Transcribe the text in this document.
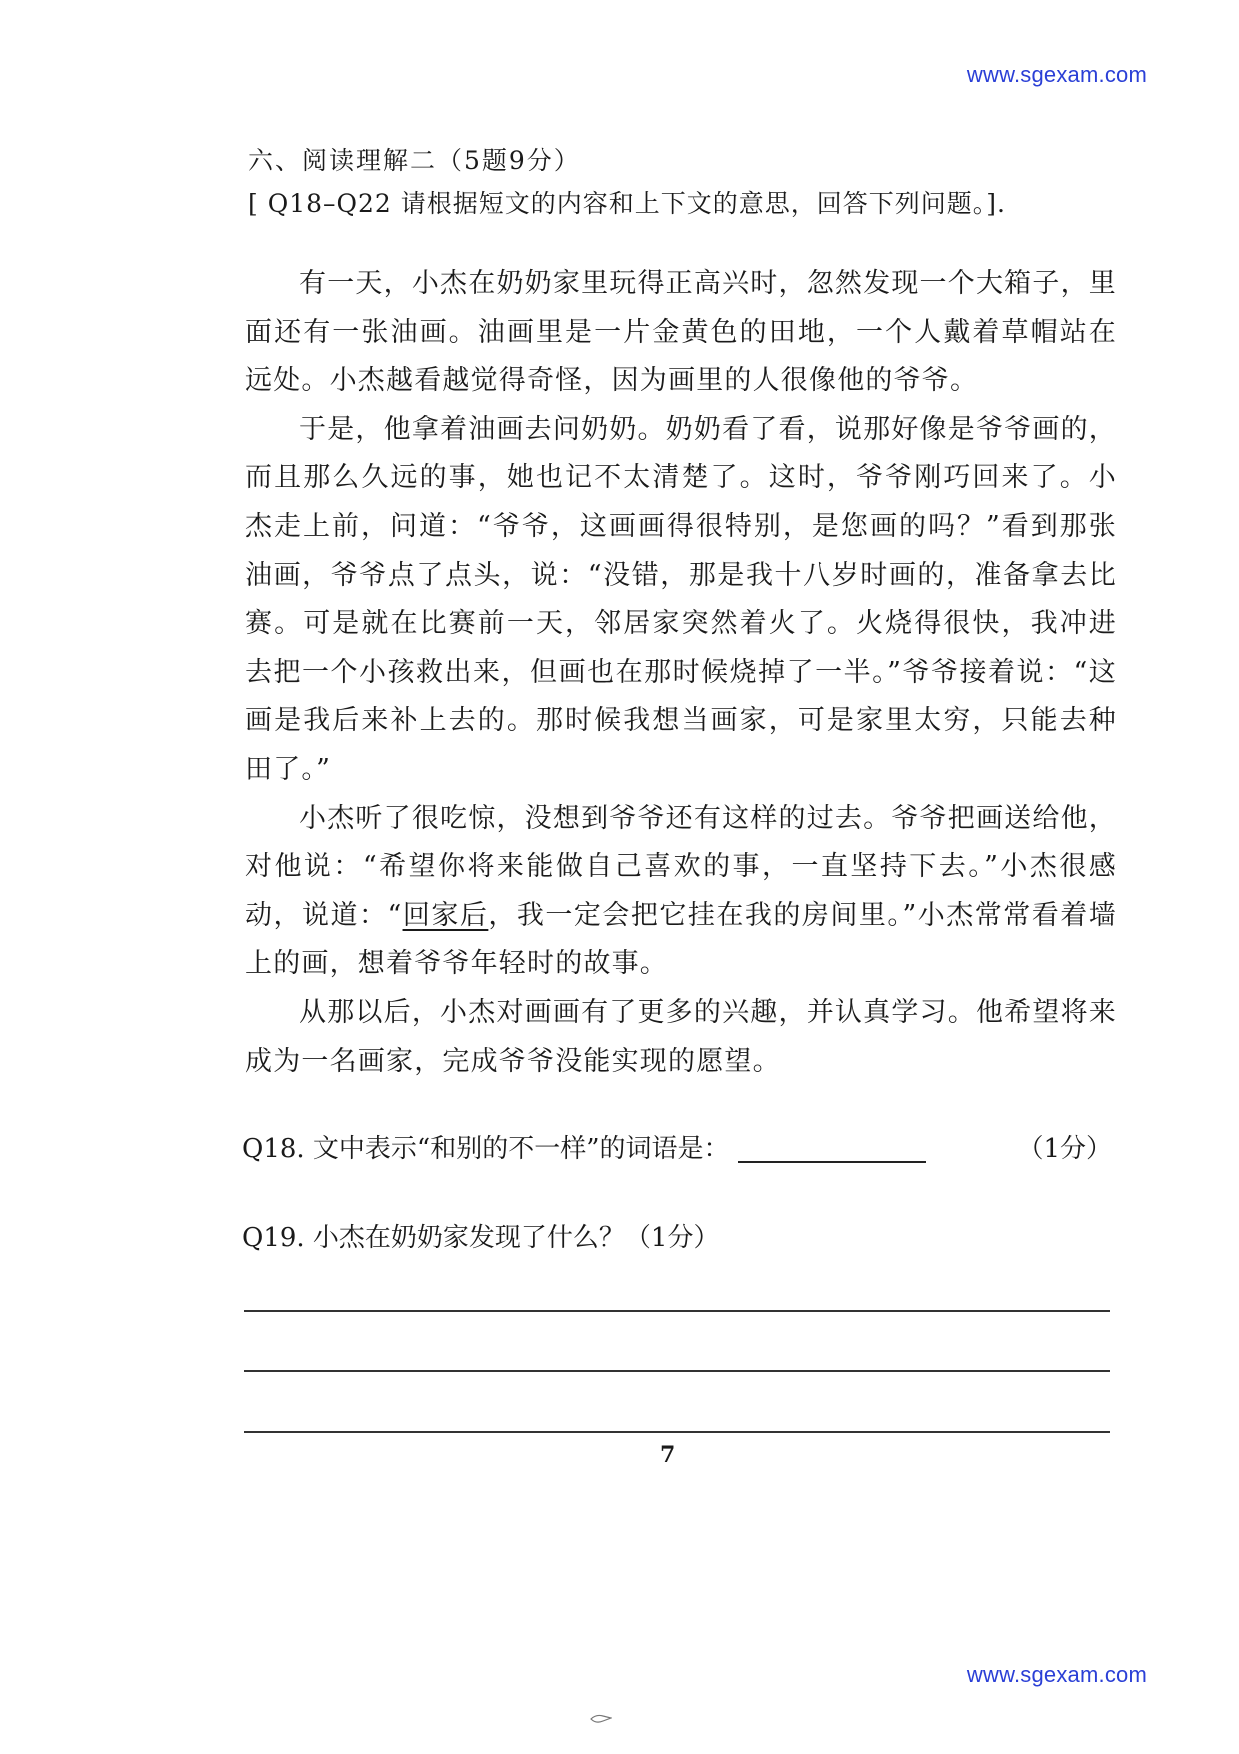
www.sgexam.com
六、阅读理解二（5题9分）
[ Q18–Q22 请根据短文的内容和上下文的意思，回答下列问题。].

有一天，小杰在奶奶家里玩得正高兴时，忽然发现一个大箱子，里面还有一张油画。油画里是一片金黄色的田地，一个人戴着草帽站在远处。小杰越看越觉得奇怪，因为画里的人很像他的爷爷。

于是，他拿着油画去问奶奶。奶奶看了看，说那好像是爷爷画的，而且那么久远的事，她也记不太清楚了。这时，爷爷刚巧回来了。小杰走上前，问道：“爷爷，这画画得很特别，是您画的吗？”看到那张油画，爷爷点了点头，说：“没错，那是我十八岁时画的，准备拿去比赛。可是就在比赛前一天，邻居家突然着火了。火烧得很快，我冲进去把一个小孩救出来，但画也在那时候烧掉了一半。”爷爷接着说：“这画是我后来补上去的。那时候我想当画家，可是家里太穷，只能去种田了。”

小杰听了很吃惊，没想到爷爷还有这样的过去。爷爷把画送给他，对他说：“希望你将来能做自己喜欢的事，一直坚持下去。”小杰很感动，说道：“回家后，我一定会把它挂在我的房间里。”小杰常常看着墙上的画，想着爷爷年轻时的故事。

从那以后，小杰对画画有了更多的兴趣，并认真学习。他希望将来成为一名画家，完成爷爷没能实现的愿望。

Q18. 文中表示“和别的不一样”的词语是：	（1分）
Q19. 小杰在奶奶家发现了什么？（1分）
7
www.sgexam.com
